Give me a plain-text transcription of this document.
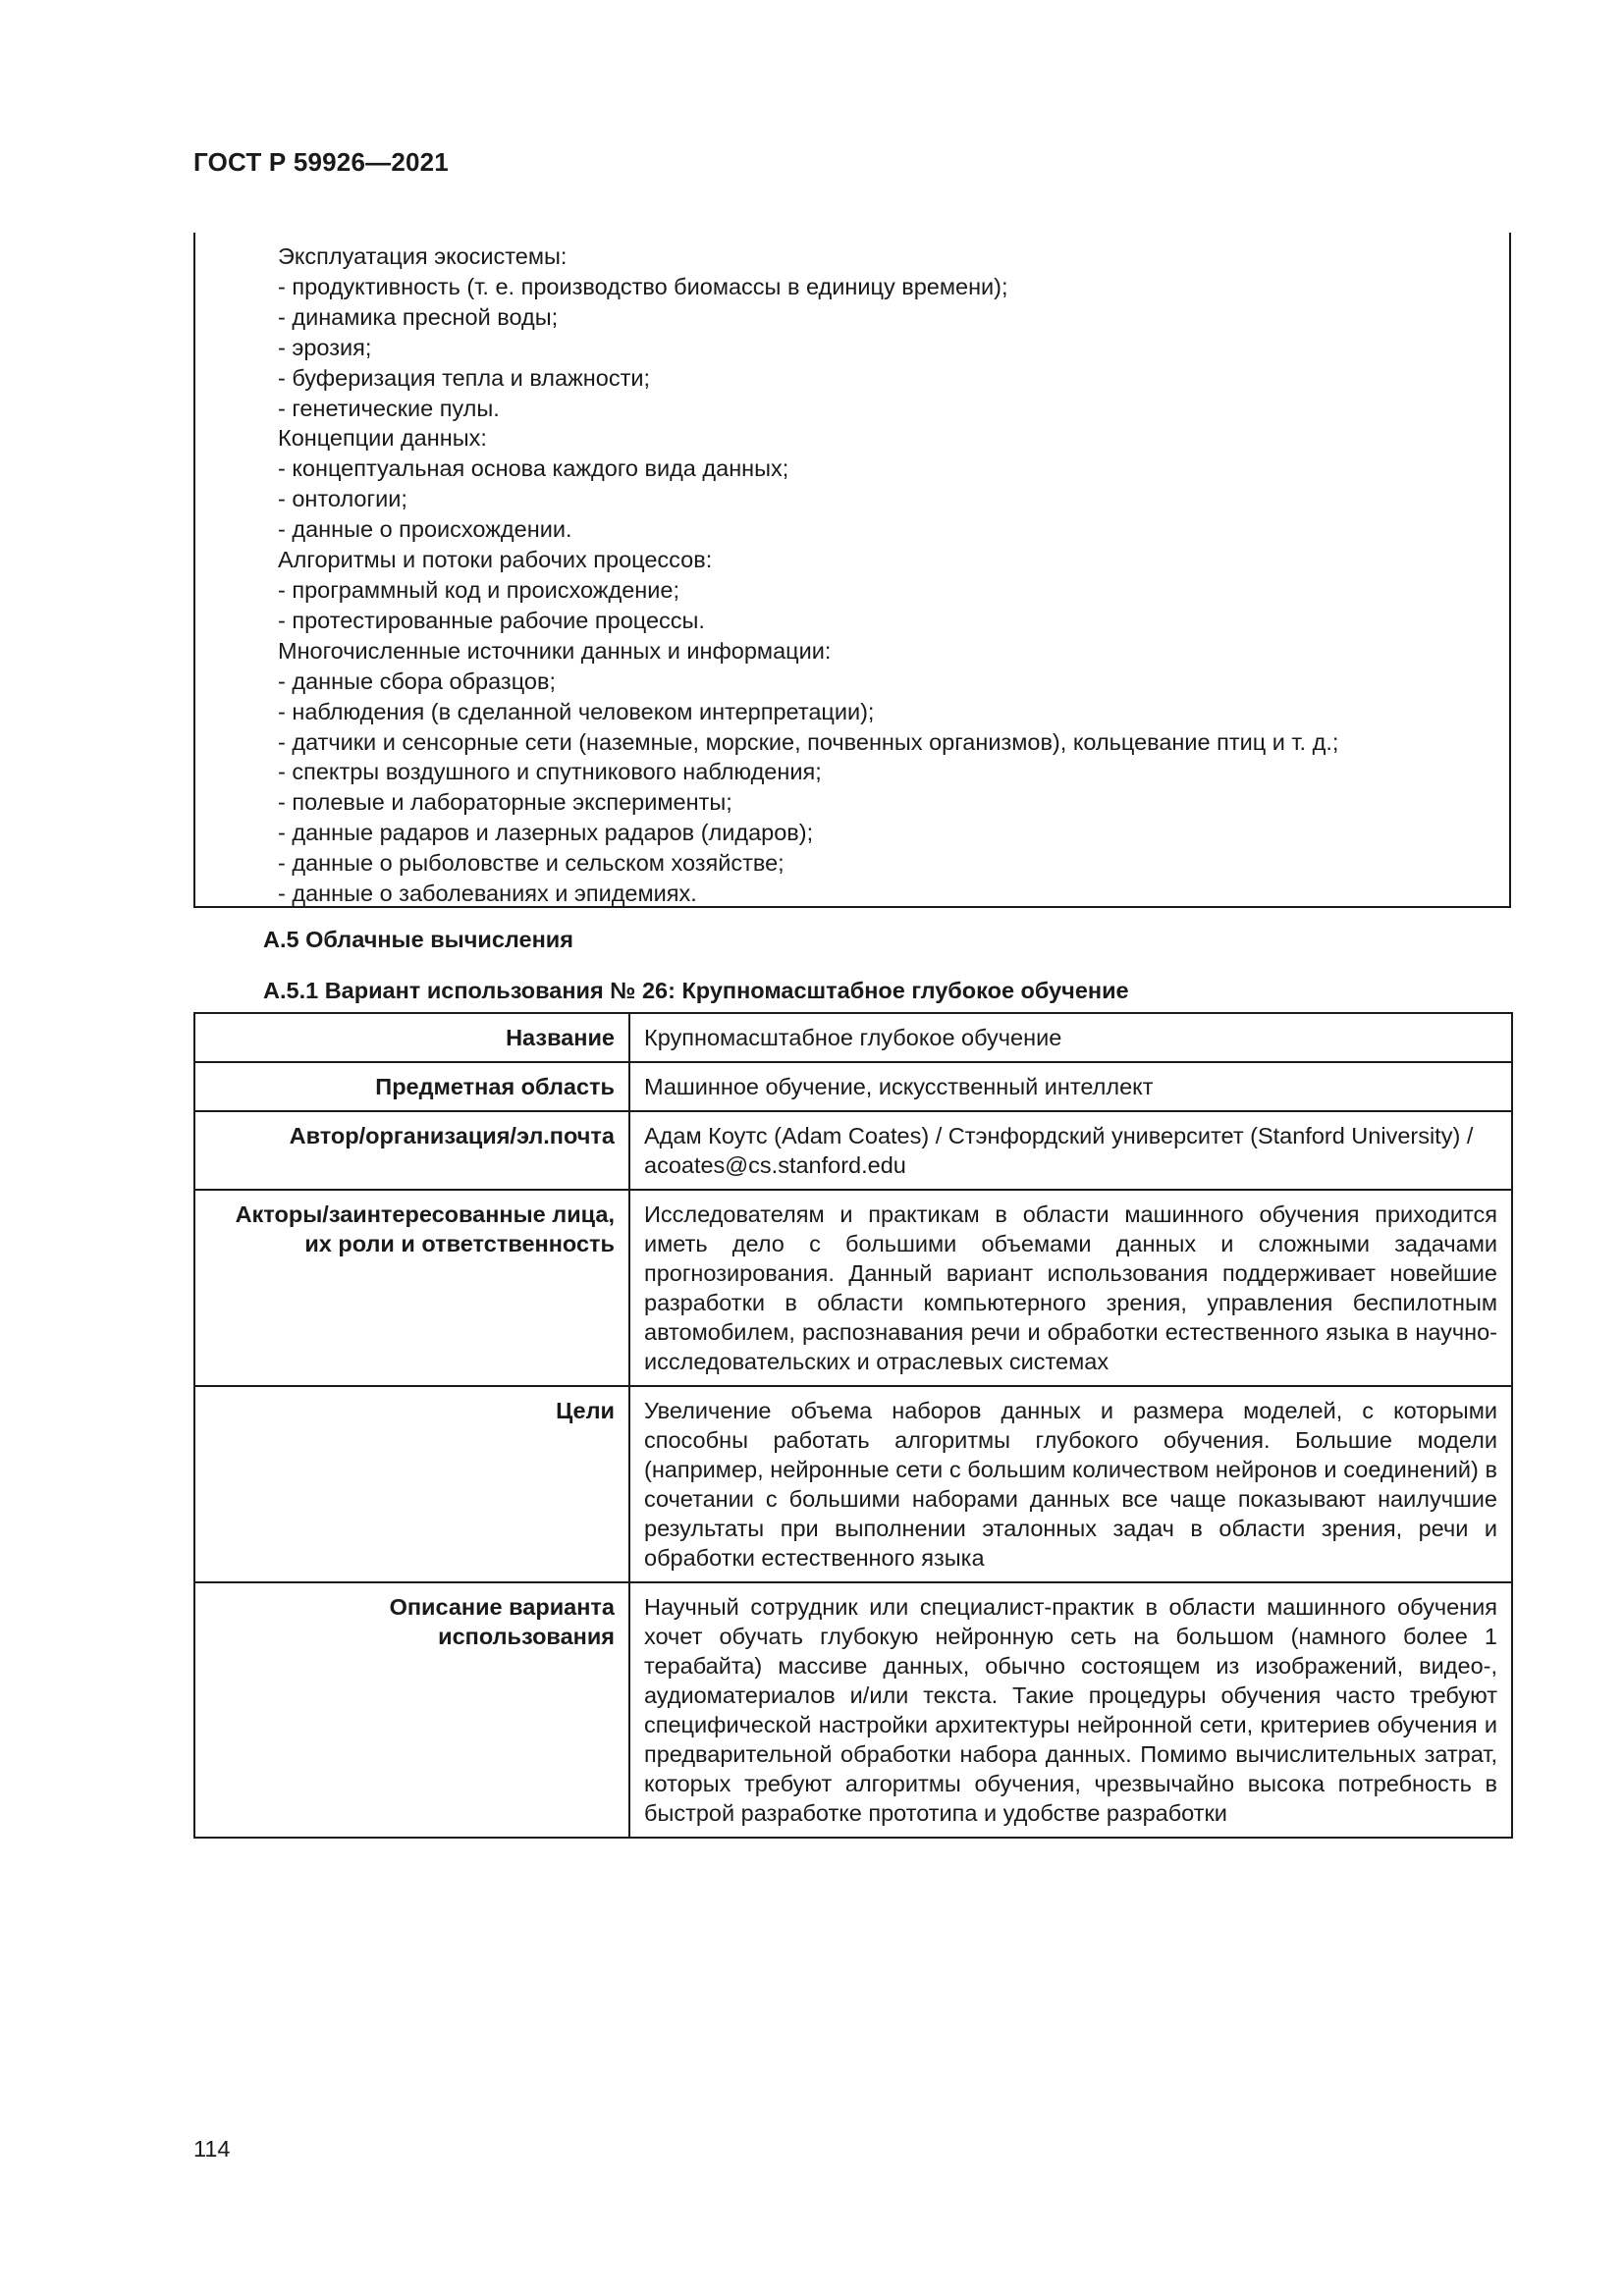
ГОСТ Р 59926—2021
Эксплуатация экосистемы:
- продуктивность (т. е. производство биомассы в единицу времени);
- динамика пресной воды;
- эрозия;
- буферизация тепла и влажности;
- генетические пулы.
Концепции данных:
- концептуальная основа каждого вида данных;
- онтологии;
- данные о происхождении.
Алгоритмы и потоки рабочих процессов:
- программный код и происхождение;
- протестированные рабочие процессы.
Многочисленные источники данных и информации:
- данные сбора образцов;
- наблюдения (в сделанной человеком интерпретации);
- датчики и сенсорные сети (наземные, морские, почвенных организмов), кольцевание птиц и т. д.;
- спектры воздушного и спутникового наблюдения;
- полевые и лабораторные эксперименты;
- данные радаров и лазерных радаров (лидаров);
- данные о рыболовстве и сельском хозяйстве;
- данные о заболеваниях и эпидемиях.
А.5 Облачные вычисления
А.5.1 Вариант использования № 26: Крупномасштабное глубокое обучение
Название	Крупномасштабное глубокое обучение
Предметная область	Машинное обучение, искусственный интеллект
Автор/организация/эл.почта	Адам Коутс (Adam Coates) / Стэнфордский университет (Stanford University) / acoates@cs.stanford.edu
Акторы/заинтересованные лица, их роли и ответственность	Исследователям и практикам в области машинного обучения приходится иметь дело с большими объемами данных и сложными задачами прогнозирования. Данный вариант использования поддерживает новейшие разработки в области компьютерного зрения, управления беспилотным автомобилем, распознавания речи и обработки естественного языка в научно-исследовательских и отраслевых системах
Цели	Увеличение объема наборов данных и размера моделей, с которыми способны работать алгоритмы глубокого обучения. Большие модели (например, нейронные сети с большим количеством нейронов и соединений) в сочетании с большими наборами данных все чаще показывают наилучшие результаты при выполнении эталонных задач в области зрения, речи и обработки естественного языка
Описание варианта использования	Научный сотрудник или специалист-практик в области машинного обучения хочет обучать глубокую нейронную сеть на большом (намного более 1 терабайта) массиве данных, обычно состоящем из изображений, видео-, аудиоматериалов и/или текста. Такие процедуры обучения часто требуют специфической настройки архитектуры нейронной сети, критериев обучения и предварительной обработки набора данных. Помимо вычислительных затрат, которых требуют алгоритмы обучения, чрезвычайно высока потребность в быстрой разработке прототипа и удобстве разработки
114
